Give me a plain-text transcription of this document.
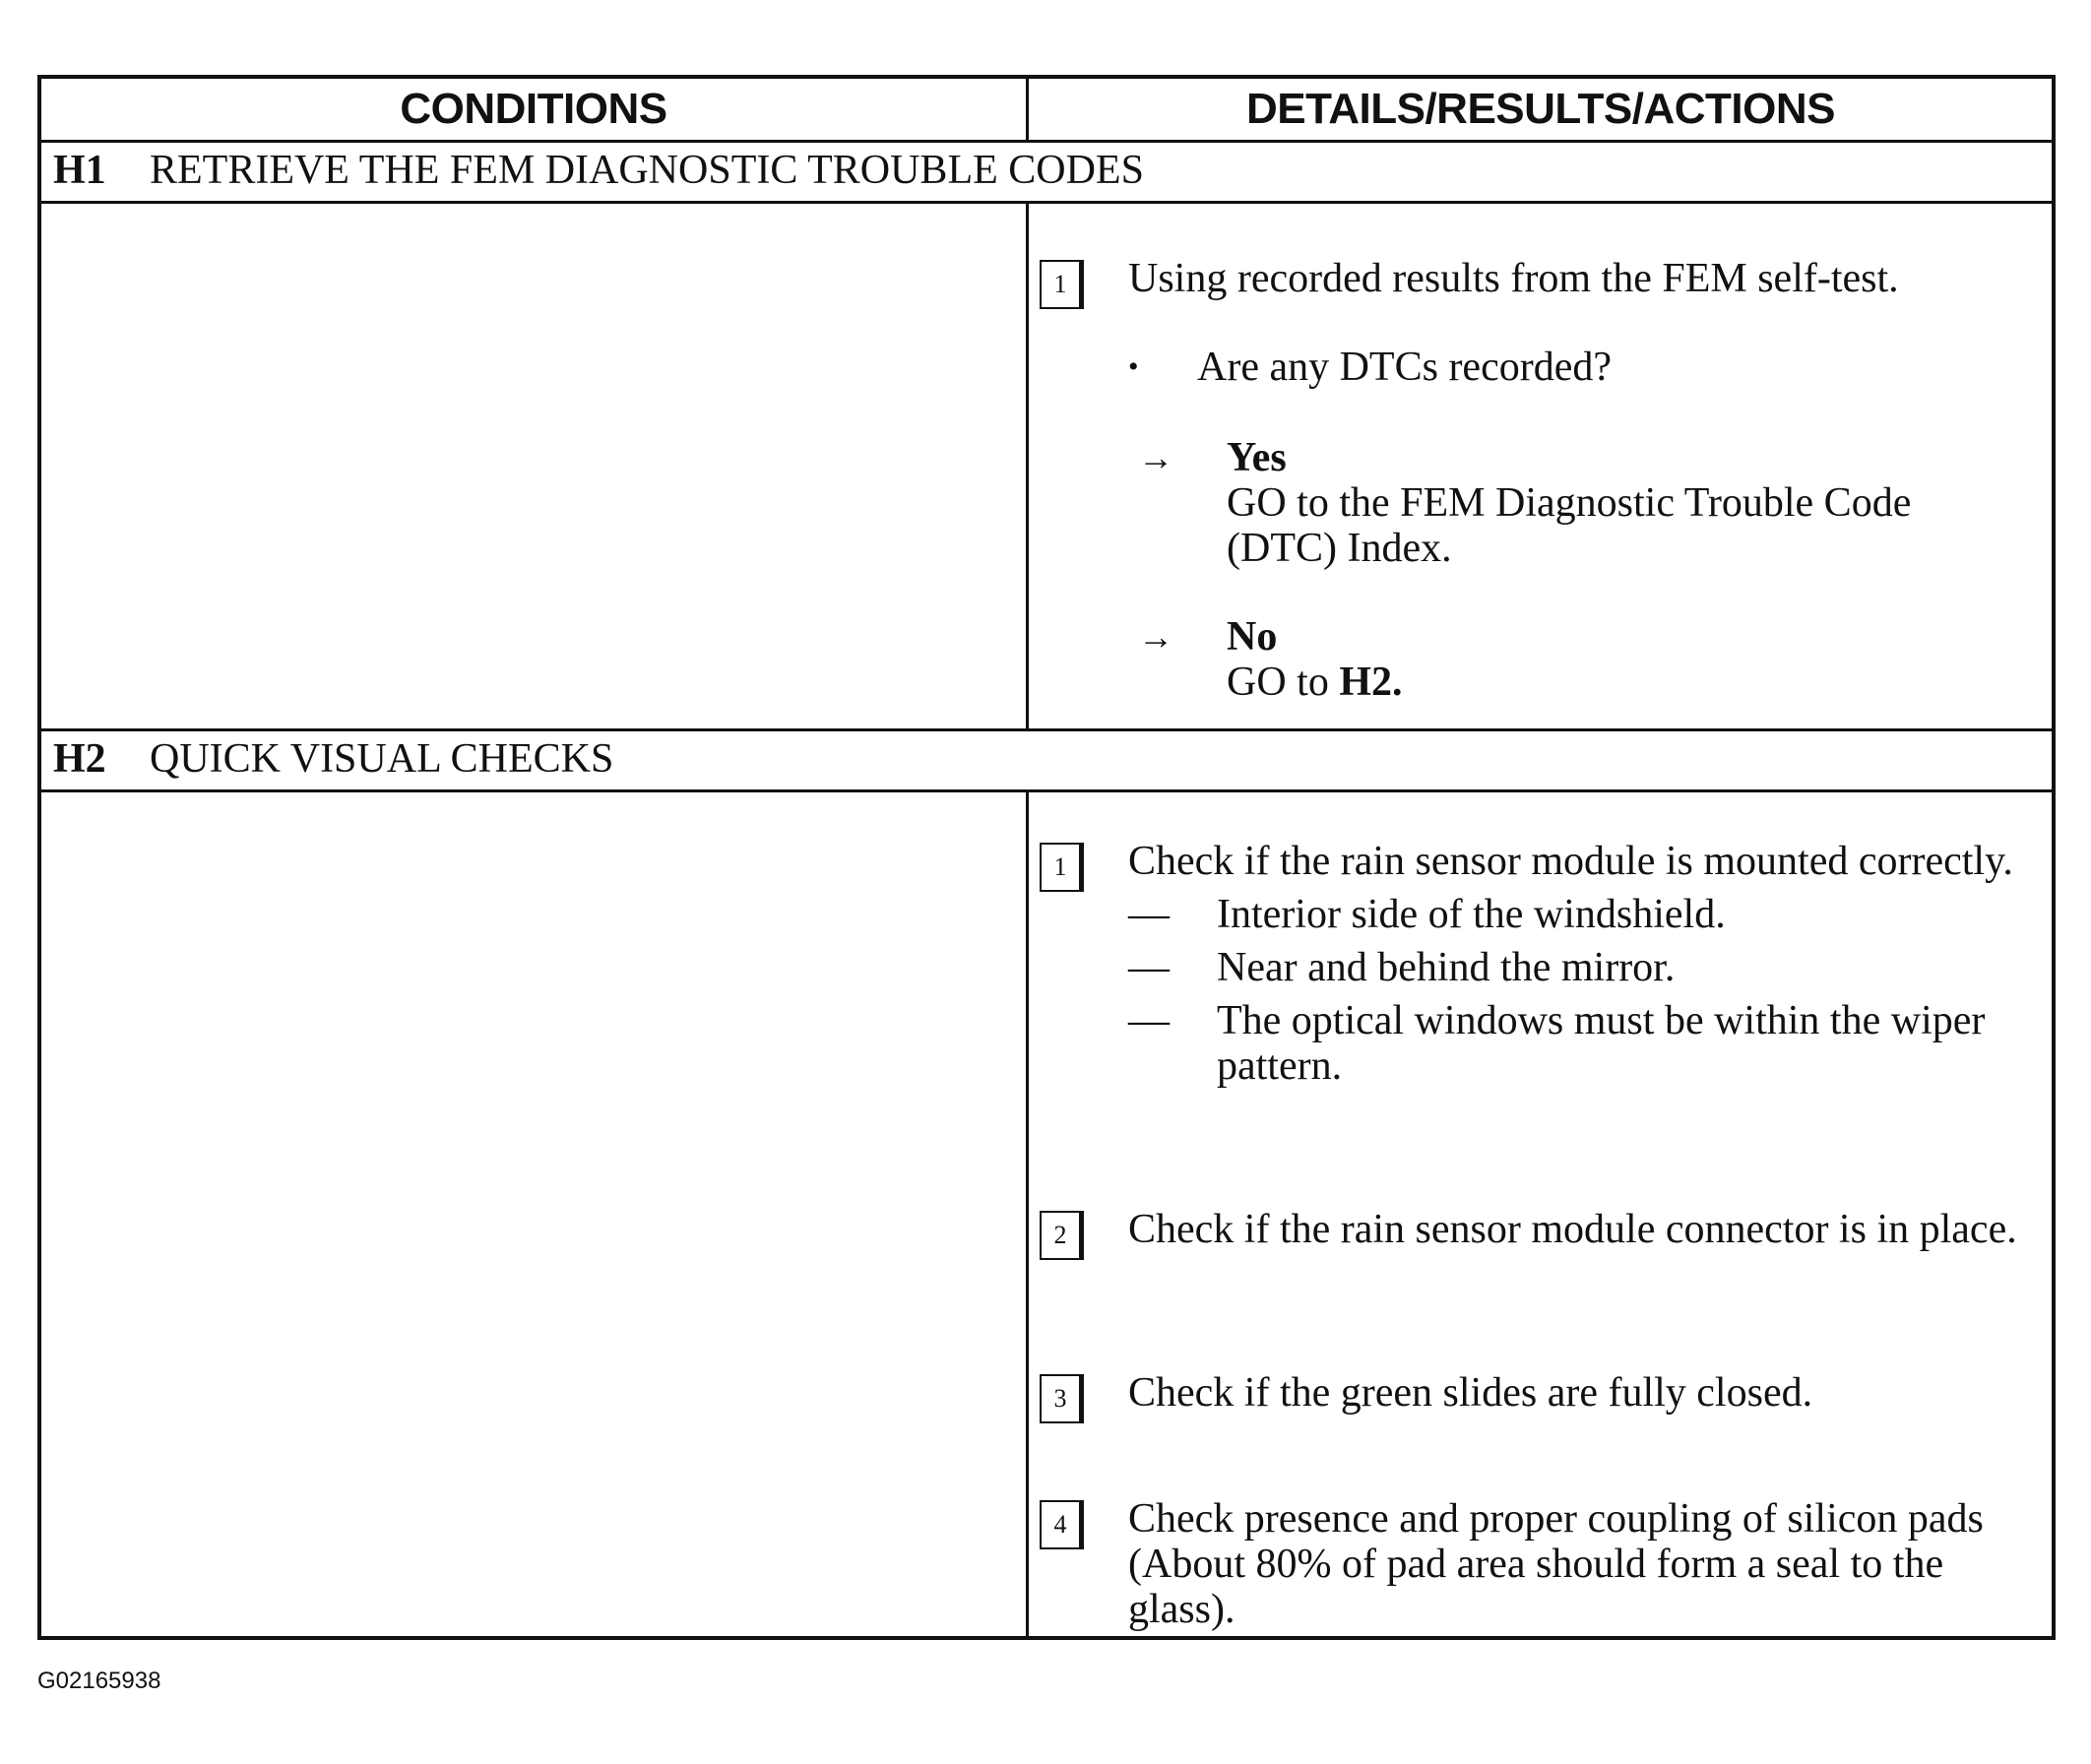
CONDITIONS	DETAILS/RESULTS/ACTIONS
H1	RETRIEVE THE FEM DIAGNOSTIC TROUBLE CODES
1	Using recorded results from the FEM self-test.
• Are any DTCs recorded?
→ Yes
GO to the FEM Diagnostic Trouble Code (DTC) Index.
→ No
GO to H2.
H2	QUICK VISUAL CHECKS
1	Check if the rain sensor module is mounted correctly.
— Interior side of the windshield.
— Near and behind the mirror.
— The optical windows must be within the wiper pattern.
2	Check if the rain sensor module connector is in place.
3	Check if the green slides are fully closed.
4	Check presence and proper coupling of silicon pads (About 80% of pad area should form a seal to the glass).
G02165938
